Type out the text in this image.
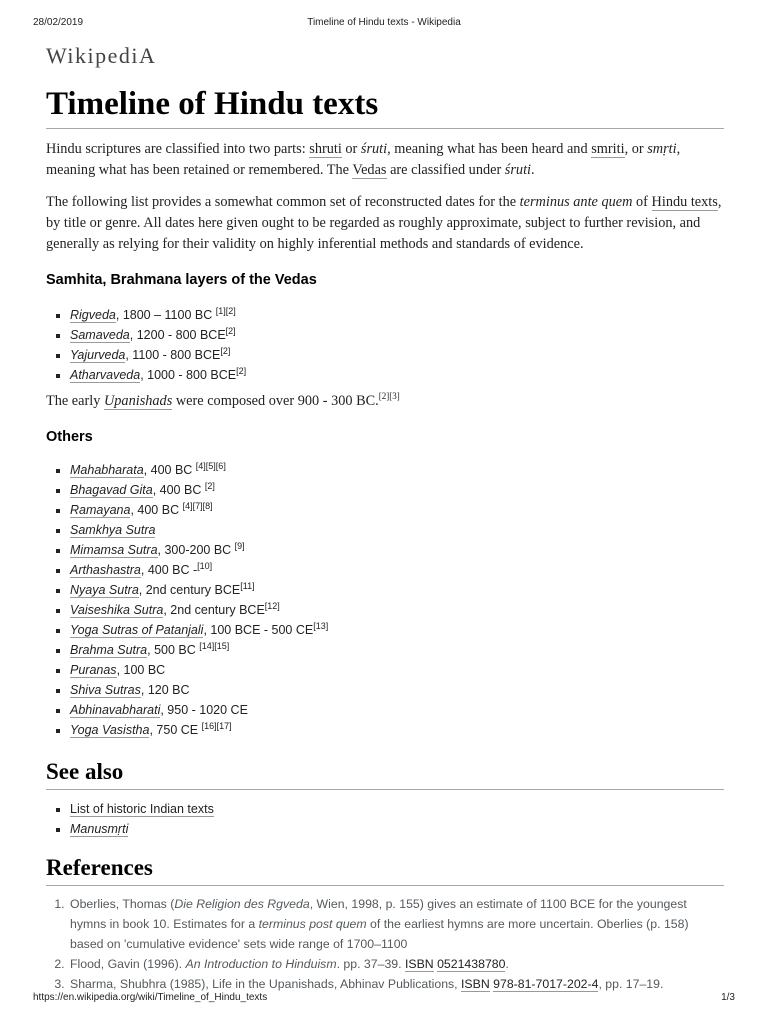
28/02/2019	Timeline of Hindu texts - Wikipedia
WikipediA
Timeline of Hindu texts

Hindu scriptures are classified into two parts: shruti or śruti, meaning what has been heard and smriti, or smṛti, meaning what has been retained or remembered. The Vedas are classified under śruti.

The following list provides a somewhat common set of reconstructed dates for the terminus ante quem of Hindu texts, by title or genre. All dates here given ought to be regarded as roughly approximate, subject to further revision, and generally as relying for their validity on highly inferential methods and standards of evidence.

Samhita, Brahmana layers of the Vedas
Rigveda, 1800 – 1100 BC [1][2]
Samaveda, 1200 - 800 BCE[2]
Yajurveda, 1100 - 800 BCE[2]
Atharvaveda, 1000 - 800 BCE[2]

The early Upanishads were composed over 900 - 300 BC.[2][3]

Others
Mahabharata, 400 BC [4][5][6]
Bhagavad Gita, 400 BC [2]
Ramayana, 400 BC [4][7][8]
Samkhya Sutra
Mimamsa Sutra, 300-200 BC [9]
Arthashastra, 400 BC -[10]
Nyaya Sutra, 2nd century BCE[11]
Vaiseshika Sutra, 2nd century BCE[12]
Yoga Sutras of Patanjali, 100 BCE - 500 CE[13]
Brahma Sutra, 500 BC [14][15]
Puranas, 100 BC
Shiva Sutras, 120 BC
Abhinavabharati, 950 - 1020 CE
Yoga Vasistha, 750 CE [16][17]
See also
List of historic Indian texts
Manusmṛti
References
1. Oberlies, Thomas (Die Religion des Rgveda, Wien, 1998, p. 155) gives an estimate of 1100 BCE for the youngest hymns in book 10. Estimates for a terminus post quem of the earliest hymns are more uncertain. Oberlies (p. 158) based on 'cumulative evidence' sets wide range of 1700–1100
2. Flood, Gavin (1996). An Introduction to Hinduism. pp. 37–39. ISBN 0521438780.
3. Sharma, Shubhra (1985), Life in the Upanishads, Abhinav Publications, ISBN 978-81-7017-202-4, pp. 17–19.
https://en.wikipedia.org/wiki/Timeline_of_Hindu_texts	1/3
